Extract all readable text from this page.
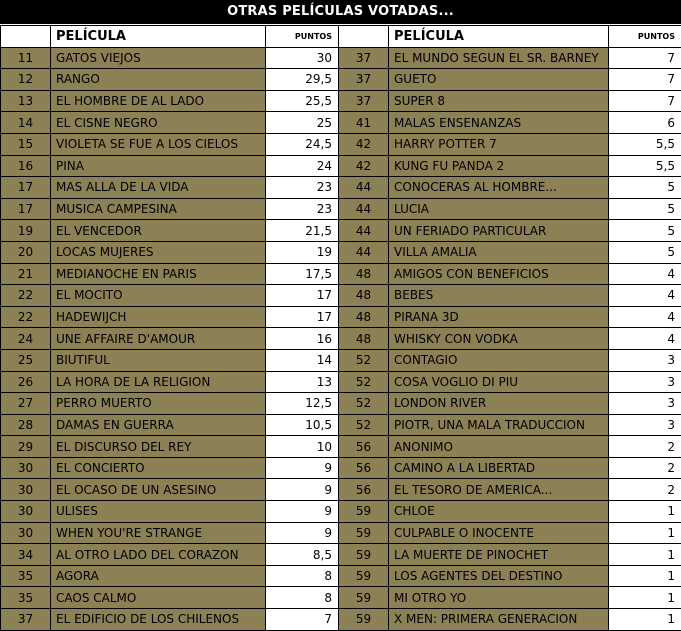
OTRAS PELÍCULAS VOTADAS...
	PELÍCULA	PUNTOS		PELÍCULA	PUNTOS
11	GATOS VIEJOS	30	37	EL MUNDO SEGUN EL SR. BARNEY	7
12	RANGO	29,5	37	GUETO	7
13	EL HOMBRE DE AL LADO	25,5	37	SUPER 8	7
14	EL CISNE NEGRO	25	41	MALAS ENSENANZAS	6
15	VIOLETA SE FUE A LOS CIELOS	24,5	42	HARRY POTTER 7	5,5
16	PINA	24	42	KUNG FU PANDA 2	5,5
17	MAS ALLA DE LA VIDA	23	44	CONOCERAS AL HOMBRE...	5
17	MUSICA CAMPESINA	23	44	LUCIA	5
19	EL VENCEDOR	21,5	44	UN FERIADO PARTICULAR	5
20	LOCAS MUJERES	19	44	VILLA AMALIA	5
21	MEDIANOCHE EN PARIS	17,5	48	AMIGOS CON BENEFICIOS	4
22	EL MOCITO	17	48	BEBES	4
22	HADEWIJCH	17	48	PIRANA 3D	4
24	UNE AFFAIRE D'AMOUR	16	48	WHISKY CON VODKA	4
25	BIUTIFUL	14	52	CONTAGIO	3
26	LA HORA DE LA RELIGION	13	52	COSA VOGLIO DI PIU	3
27	PERRO MUERTO	12,5	52	LONDON RIVER	3
28	DAMAS EN GUERRA	10,5	52	PIOTR, UNA MALA TRADUCCION	3
29	EL DISCURSO DEL REY	10	56	ANONIMO	2
30	EL CONCIERTO	9	56	CAMINO A LA LIBERTAD	2
30	EL OCASO DE UN ASESINO	9	56	EL TESORO DE AMERICA...	2
30	ULISES	9	59	CHLOE	1
30	WHEN YOU'RE STRANGE	9	59	CULPABLE O INOCENTE	1
34	AL OTRO LADO DEL CORAZON	8,5	59	LA MUERTE DE PINOCHET	1
35	AGORA	8	59	LOS AGENTES DEL DESTINO	1
35	CAOS CALMO	8	59	MI OTRO YO	1
37	EL EDIFICIO DE LOS CHILENOS	7	59	X MEN: PRIMERA GENERACION	1
